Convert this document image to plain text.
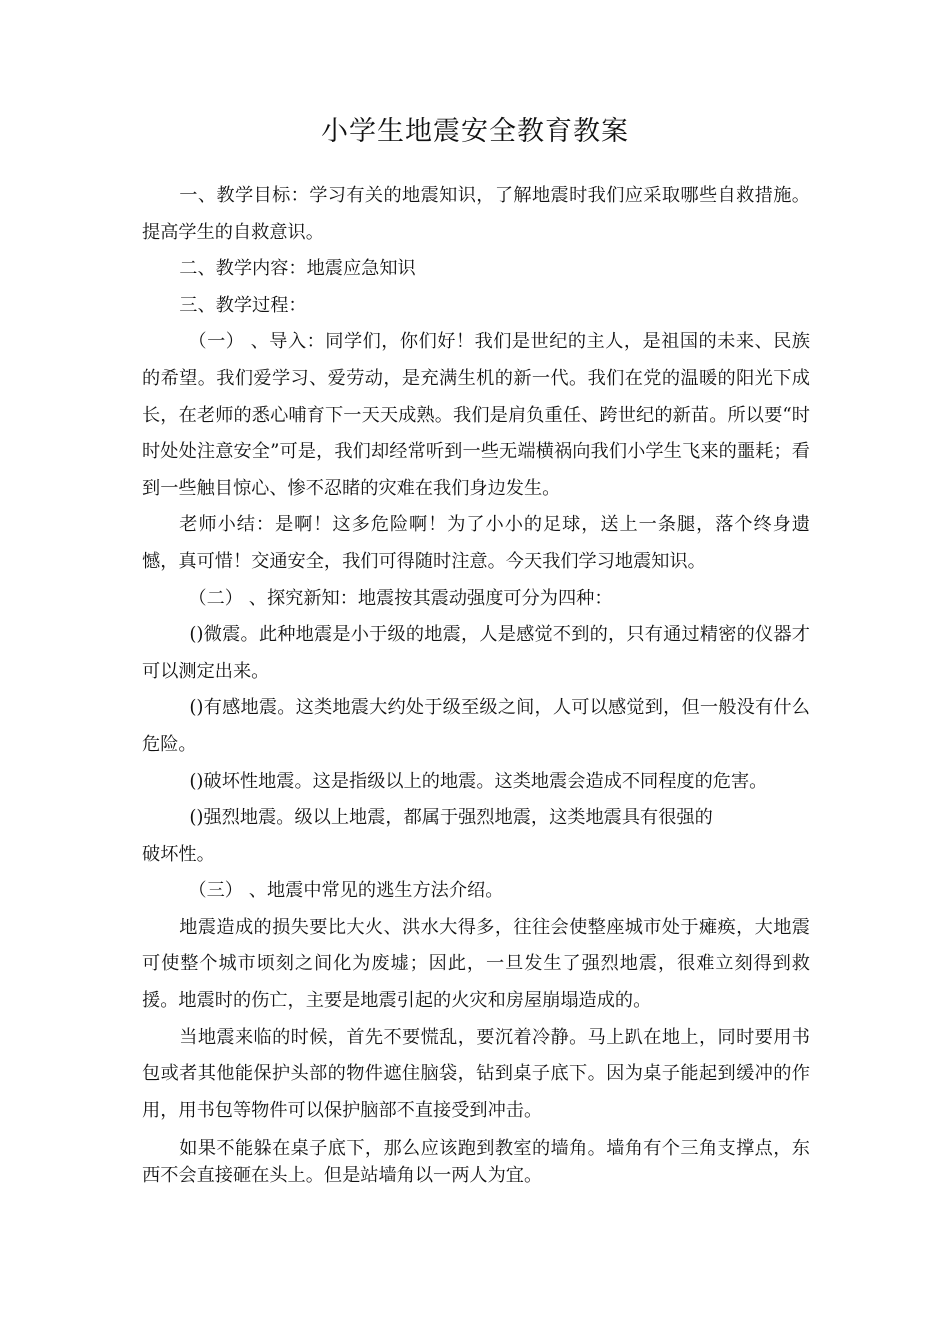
小学生地震安全教育教案

一、教学目标：学习有关的地震知识，了解地震时我们应采取哪些自救措施。提高学生的自救意识。

二、教学内容：地震应急知识

三、教学过程：

（一） 、导入：同学们，你们好！我们是世纪的主人，是祖国的未来、民族的希望。我们爱学习、爱劳动，是充满生机的新一代。我们在党的温暖的阳光下成长，在老师的悉心哺育下一天天成熟。我们是肩负重任、跨世纪的新苗。所以要“时时处处注意安全”可是，我们却经常听到一些无端横祸向我们小学生飞来的噩耗；看到一些触目惊心、惨不忍睹的灾难在我们身边发生。

老师小结：是啊！这多危险啊！为了小小的足球，送上一条腿，落个终身遗憾，真可惜！交通安全，我们可得随时注意。今天我们学习地震知识。

（二） 、探究新知：地震按其震动强度可分为四种：

()微震。此种地震是小于级的地震，人是感觉不到的，只有通过精密的仪器才可以测定出来。

()有感地震。这类地震大约处于级至级之间，人可以感觉到，但一般没有什么危险。

()破坏性地震。这是指级以上的地震。这类地震会造成不同程度的危害。

()强烈地震。级以上地震，都属于强烈地震，这类地震具有很强的

破坏性。

（三） 、地震中常见的逃生方法介绍。

地震造成的损失要比大火、洪水大得多，往往会使整座城市处于瘫痪，大地震可使整个城市顷刻之间化为废墟；因此，一旦发生了强烈地震，很难立刻得到救援。地震时的伤亡，主要是地震引起的火灾和房屋崩塌造成的。

当地震来临的时候，首先不要慌乱，要沉着冷静。马上趴在地上，同时要用书包或者其他能保护头部的物件遮住脑袋，钻到桌子底下。因为桌子能起到缓冲的作用，用书包等物件可以保护脑部不直接受到冲击。

如果不能躲在桌子底下，那么应该跑到教室的墙角。墙角有个三角支撑点，东西不会直接砸在头上。但是站墙角以一两人为宜。
